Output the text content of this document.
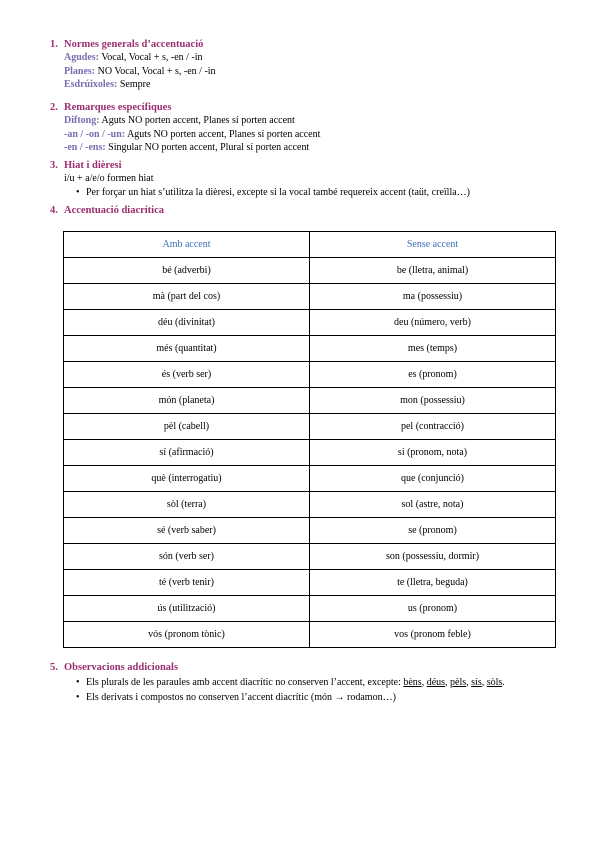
1. Normes generals d’accentuació
Agudes: Vocal, Vocal + s, -en / -in
Planes: NO Vocal, Vocal + s, -en / -in
Esdrúixoles: Sempre
2. Remarques específiques
Diftong: Aguts NO porten accent, Planes sí porten accent
-an / -on / -un: Aguts NO porten accent, Planes sí porten accent
-en / -ens: Singular NO porten accent, Plural sí porten accent
3. Hiat i dièresi
i/u + a/e/o formen hiat
• Per forçar un hiat s’utilitza la dièresi, excepte si la vocal també requereix accent (taüt, creïlla…)
4. Accentuació diacrítica
Amb accent	Sense accent
bé (adverbi)	be (lletra, animal)
mà (part del cos)	ma (possessiu)
déu (divinitat)	deu (número, verb)
més (quantitat)	mes (temps)
és (verb ser)	es (pronom)
món (planeta)	mon (possessiu)
pèl (cabell)	pel (contracció)
sí (afirmació)	si (pronom, nota)
què (interrogatiu)	que (conjunció)
sòl (terra)	sol (astre, nota)
sé (verb saber)	se (pronom)
són (verb ser)	son (possessiu, dormir)
té (verb tenir)	te (lletra, beguda)
ús (utilització)	us (pronom)
vós (pronom tònic)	vos (pronom feble)
5. Observacions addicionals
• Els plurals de les paraules amb accent diacrític no conserven l’accent, excepte: bèns, déus, pèls, sís, sòls.
• Els derivats i compostos no conserven l’accent diacrític (món → rodamon…)
